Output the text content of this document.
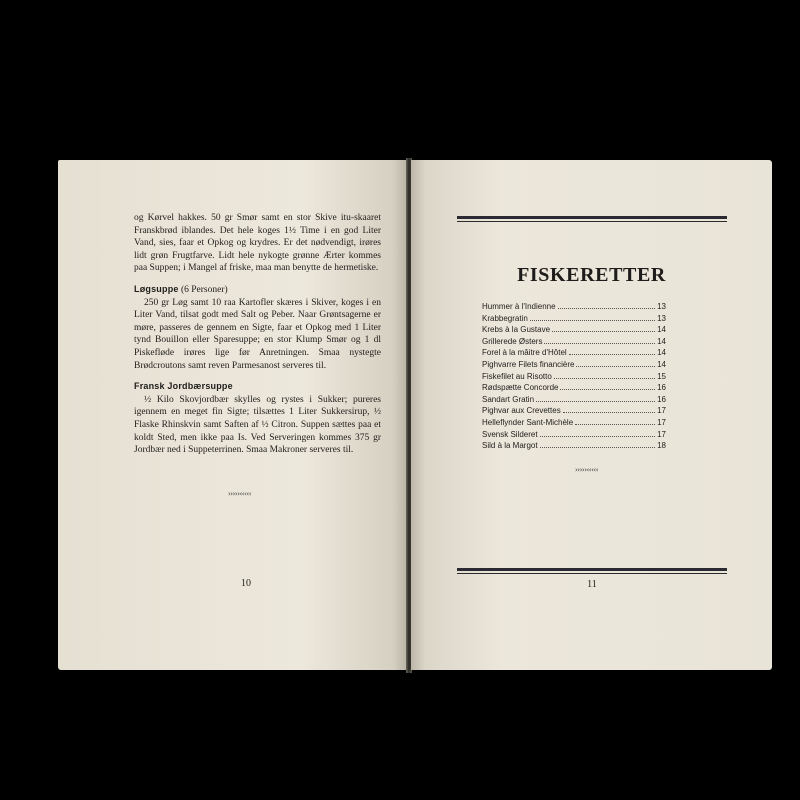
og Kørvel hakkes. 50 gr Smør samt en stor Skive itu-skaaret Franskbrød iblandes. Det hele koges 1½ Time i en god Liter Vand, sies, faar et Opkog og krydres. Er det nødvendigt, irøres lidt grøn Frugtfarve. Lidt hele nykogte grønne Ærter kommes paa Suppen; i Mangel af friske, maa man benytte de hermetiske.

Løgsuppe (6 Personer)

250 gr Løg samt 10 raa Kartofler skæres i Skiver, koges i en Liter Vand, tilsat godt med Salt og Peber. Naar Grøntsagerne er møre, passeres de gennem en Sigte, faar et Opkog med 1 Liter tynd Bouillon eller Sparesuppe; en stor Klump Smør og 1 dl Piskefløde irøres lige før Anretningen. Smaa nystegte Brødcroutons samt reven Parmesanost serveres til.

Fransk Jordbærsuppe

½ Kilo Skovjordbær skylles og rystes i Sukker; pureres igennem en meget fin Sigte; tilsættes 1 Liter Sukkersirup, ½ Flaske Rhinskvin samt Saften af ½ Citron. Suppen sættes paa et koldt Sted, men ikke paa Is. Ved Serveringen kommes 375 gr Jordbær ned i Suppeterrinen. Smaa Makroner serveres til.

›››››‹‹‹‹‹
10
FISKERETTER
Hummer à l'Indienne	13
Krabbegratin	13
Krebs à la Gustave	14
Grillerede Østers	14
Forel à la mâitre d'Hôtel	14
Pighvarre Filets financière	14
Fiskefilet au Risotto	15
Rødspætte Concorde	16
Sandart Gratin	16
Pighvar aux Crevettes	17
Helleflynder Sant-Michèle	17
Svensk Silderet	17
Sild à la Margot	18
›››››‹‹‹‹‹
11
